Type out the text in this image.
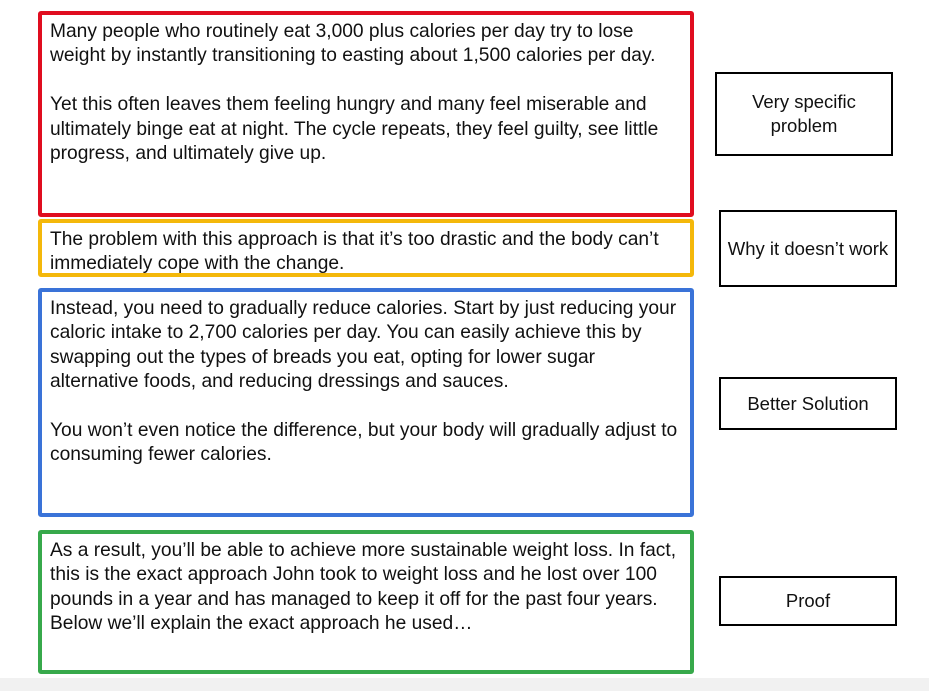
Many people who routinely eat 3,000 plus calories per day try to lose weight by instantly transitioning to easting about 1,500 calories per day.

Yet this often leaves them feeling hungry and many feel miserable and ultimately binge eat at night. The cycle repeats, they feel guilty, see little progress, and ultimately give up.

Very specific problem

The problem with this approach is that it’s too drastic and the body can’t immediately cope with the change.

Why it doesn’t work

Instead, you need to gradually reduce calories. Start by just reducing your caloric intake to 2,700 calories per day. You can easily achieve this by swapping out the types of breads you eat, opting for lower sugar alternative foods, and reducing dressings and sauces.

You won’t even notice the difference, but your body will gradually adjust to consuming fewer calories.

Better Solution

As a result, you’ll be able to achieve more sustainable weight loss. In fact, this is the exact approach John took to weight loss and he lost over 100 pounds in a year and has managed to keep it off for the past four years. Below we’ll explain the exact approach he used…

Proof
